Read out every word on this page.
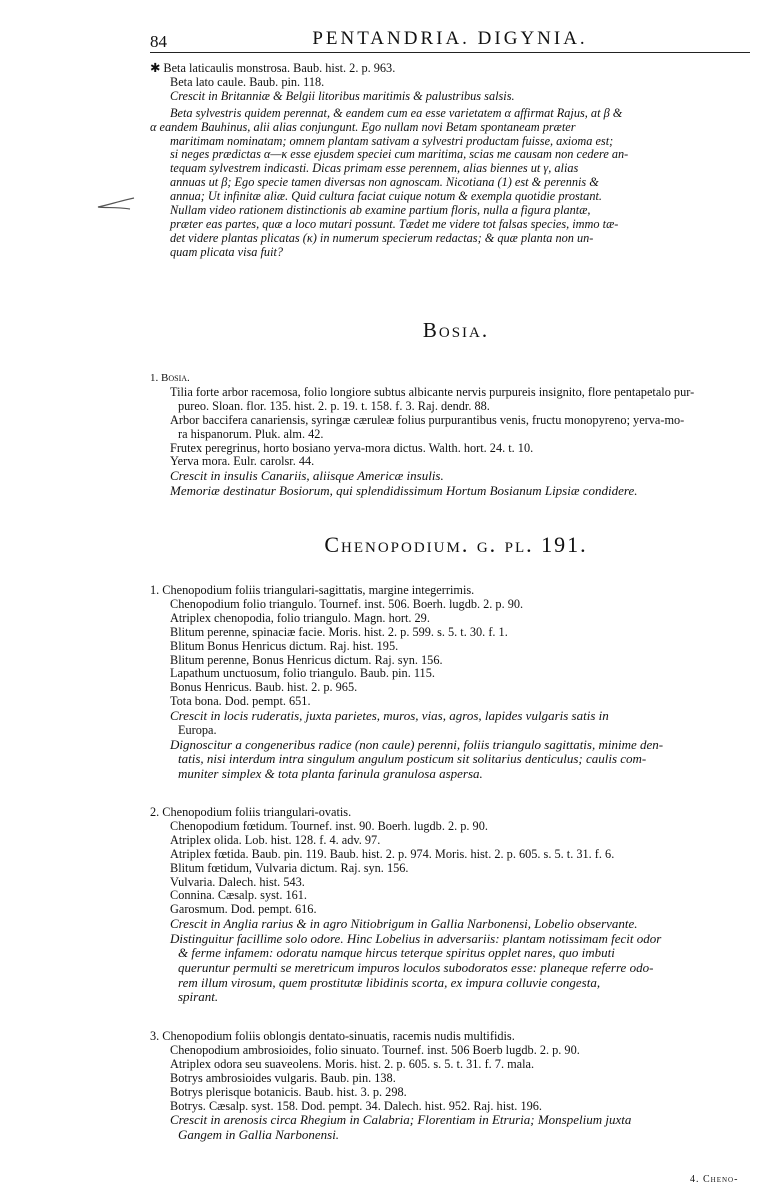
84	PENTANDRIA. DIGYNIA.
✱ Beta laticaulis monstrosa. Baub. hist. 2. p. 963.
Beta lato caule. Baub. pin. 118.
Crescit in Britanniæ & Belgii litoribus maritimis & palustribus salsis.
Beta sylvestris quidem perennat, & eandem cum ea esse varietatem α affirmat Rajus, at β &
α eandem Bauhinus, alii alias conjungunt. Ego nullam novi Betam spontaneam præter
maritimam nominatam; omnem plantam sativam a sylvestri productam fuisse, axioma est;
si neges prædictas α—κ esse ejusdem speciei cum maritima, scias me causam non cedere an-
tequam sylvestrem indicasti. Dicas primam esse perennem, alias biennes ut γ, alias
annuas ut β; Ego specie tamen diversas non agnoscam. Nicotiana (1) est & perennis &
annua; Ut infinitæ aliæ. Quid cultura faciat cuique notum & exempla quotidie prostant.
Nullam video rationem distinctionis ab examine partium floris, nulla a figura plantæ,
præter eas partes, quæ a loco mutari possunt. Tædet me videre tot falsas species, immo tæ-
det videre plantas plicatas (κ) in numerum specierum redactas; & quæ planta non un-
quam plicata visa fuit?
Bosia.
1. Bosia.
Tilia forte arbor racemosa, folio longiore subtus albicante nervis purpureis insignito, flore pentapetalo pur-
pureo. Sloan. flor. 135. hist. 2. p. 19. t. 158. f. 3. Raj. dendr. 88.
Arbor baccifera canariensis, syringæ cæruleæ folius purpurantibus venis, fructu monopyreno; yerva-mo-
ra hispanorum. Pluk. alm. 42.
Frutex peregrinus, horto bosiano yerva-mora dictus. Walth. hort. 24. t. 10.
Yerva mora. Eulr. carolsr. 44.
Crescit in insulis Canariis, aliisque Americæ insulis.
Memoriæ destinatur Bosiorum, qui splendidissimum Hortum Bosianum Lipsiæ condidere.
Chenopodium. g. pl. 191.
1. Chenopodium foliis triangulari-sagittatis, margine integerrimis.
Chenopodium folio triangulo. Tournef. inst. 506. Boerh. lugdb. 2. p. 90.
Atriplex chenopodia, folio triangulo. Magn. hort. 29.
Blitum perenne, spinaciæ facie. Moris. hist. 2. p. 599. s. 5. t. 30. f. 1.
Blitum Bonus Henricus dictum. Raj. hist. 195.
Blitum perenne, Bonus Henricus dictum. Raj. syn. 156.
Lapathum unctuosum, folio triangulo. Baub. pin. 115.
Bonus Henricus. Baub. hist. 2. p. 965.
Tota bona. Dod. pempt. 651.
Crescit in locis ruderatis, juxta parietes, muros, vias, agros, lapides vulgaris satis in
Europa.
Dignoscitur a congeneribus radice (non caule) perenni, foliis triangulo sagittatis, minime den-
tatis, nisi interdum intra singulum angulum posticum sit solitarius denticulus; caulis com-
muniter simplex & tota planta farinula granulosa aspersa.
2. Chenopodium foliis triangulari-ovatis.
Chenopodium fœtidum. Tournef. inst. 90. Boerh. lugdb. 2. p. 90.
Atriplex olida. Lob. hist. 128. f. 4. adv. 97.
Atriplex fœtida. Baub. pin. 119. Baub. hist. 2. p. 974. Moris. hist. 2. p. 605. s. 5. t. 31. f. 6.
Blitum fœtidum, Vulvaria dictum. Raj. syn. 156.
Vulvaria. Dalech. hist. 543.
Connina. Cæsalp. syst. 161.
Garosmum. Dod. pempt. 616.
Crescit in Anglia rarius & in agro Nitiobrigum in Gallia Narbonensi, Lobelio observante.
Distinguitur facillime solo odore. Hinc Lobelius in adversariis: plantam notissimam fecit odor
& ferme infamem: odoratu namque hircus teterque spiritus opplet nares, quo imbuti
queruntur permulti se meretricum impuros loculos subodoratos esse: planeque referre odo-
rem illum virosum, quem prostitutæ libidinis scorta, ex impura colluvie congesta,
spirant.
3. Chenopodium foliis oblongis dentato-sinuatis, racemis nudis multifidis.
Chenopodium ambrosioides, folio sinuato. Tournef. inst. 506 Boerb lugdb. 2. p. 90.
Atriplex odora seu suaveolens. Moris. hist. 2. p. 605. s. 5. t. 31. f. 7. mala.
Botrys ambrosioides vulgaris. Baub. pin. 138.
Botrys plerisque botanicis. Baub. hist. 3. p. 298.
Botrys. Cæsalp. syst. 158. Dod. pempt. 34. Dalech. hist. 952. Raj. hist. 196.
Crescit in arenosis circa Rhegium in Calabria; Florentiam in Etruria; Monspelium juxta
Gangem in Gallia Narbonensi.
4. Cheno-
